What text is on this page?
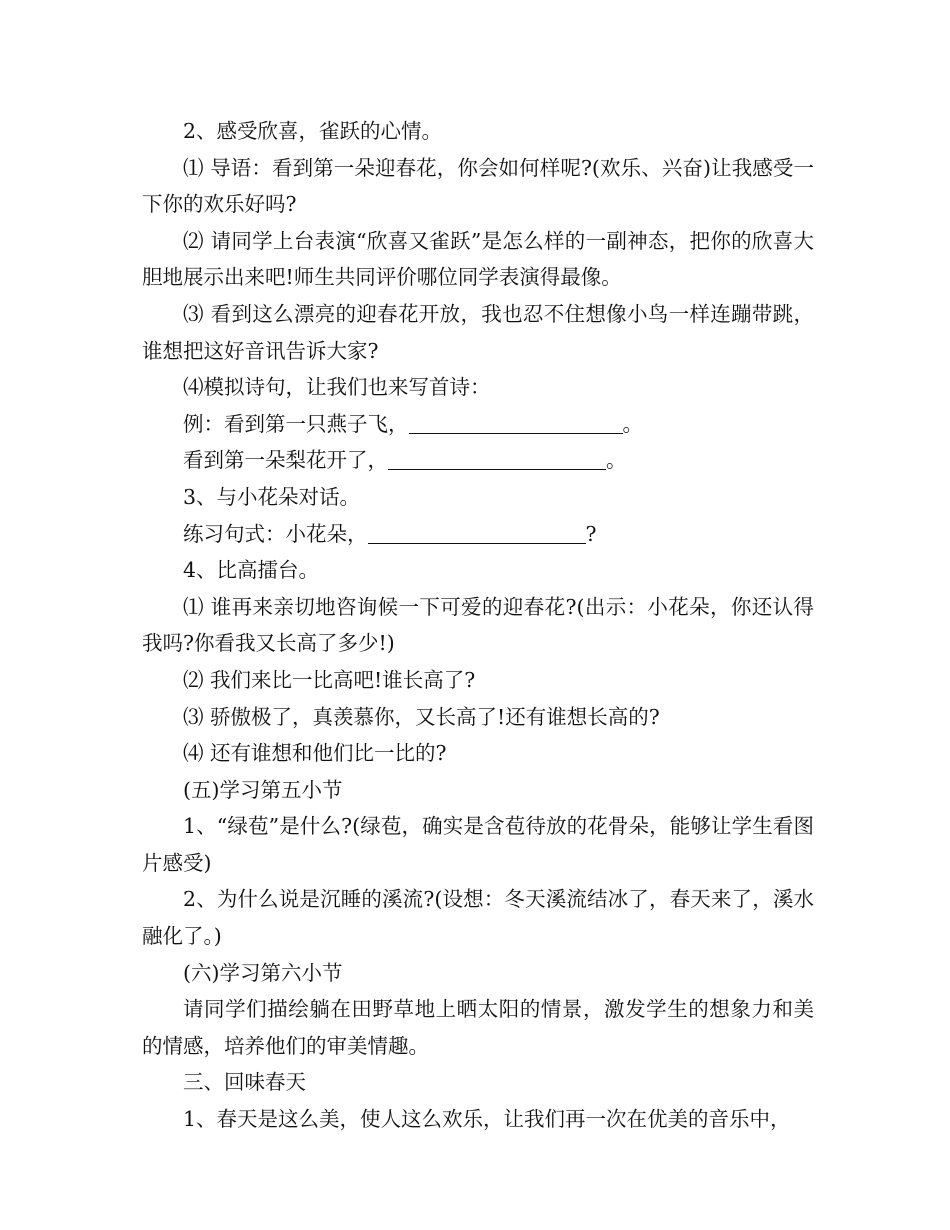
2、感受欣喜，雀跃的心情。

⑴ 导语：看到第一朵迎春花，你会如何样呢?(欢乐、兴奋)让我感受一下你的欢乐好吗?

⑵ 请同学上台表演“欣喜又雀跃”是怎么样的一副神态，把你的欣喜大胆地展示出来吧!师生共同评价哪位同学表演得最像。

⑶ 看到这么漂亮的迎春花开放，我也忍不住想像小鸟一样连蹦带跳，谁想把这好音讯告诉大家?

⑷模拟诗句，让我们也来写首诗：

例：看到第一只燕子飞，	。

看到第一朵梨花开了，	。

3、与小花朵对话。

练习句式：小花朵，	?

4、比高擂台。

⑴ 谁再来亲切地咨询候一下可爱的迎春花?(出示：小花朵，你还认得我吗?你看我又长高了多少!)

⑵ 我们来比一比高吧!谁长高了?

⑶ 骄傲极了，真羡慕你，又长高了!还有谁想长高的?

⑷ 还有谁想和他们比一比的?

(五)学习第五小节

1、“绿苞”是什么?(绿苞，确实是含苞待放的花骨朵，能够让学生看图片感受)

2、为什么说是沉睡的溪流?(设想：冬天溪流结冰了，春天来了，溪水融化了。)

(六)学习第六小节

请同学们描绘躺在田野草地上晒太阳的情景，激发学生的想象力和美的情感，培养他们的审美情趣。

三、回味春天

1、春天是这么美，使人这么欢乐，让我们再一次在优美的音乐中，
